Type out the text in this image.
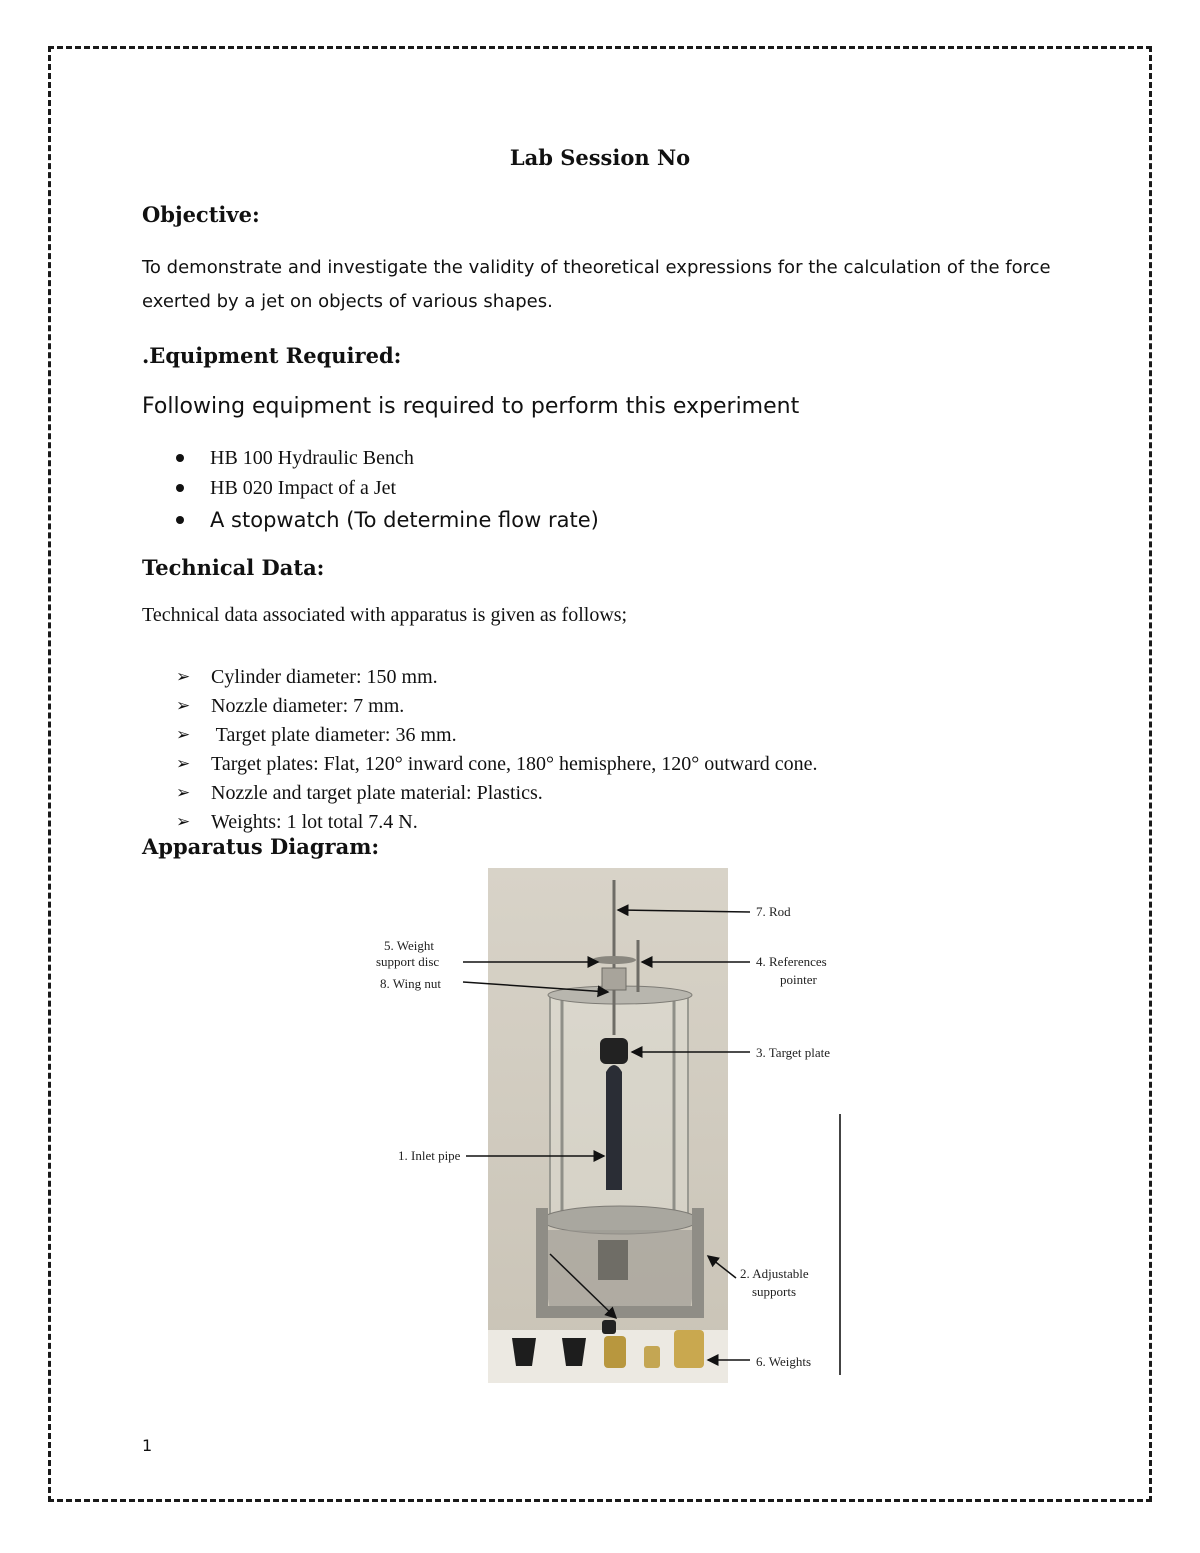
Lab Session No
Objective:
To demonstrate and investigate the validity of theoretical expressions for the calculation of the force exerted by a jet on objects of various shapes.
.Equipment Required:
Following equipment is required to perform this experiment
HB 100 Hydraulic Bench
HB 020 Impact of a Jet
A stopwatch (To determine flow rate)
Technical Data:
Technical data associated with apparatus is given as follows;
➢ Cylinder diameter: 150 mm.
➢ Nozzle diameter: 7 mm.
➢ Target plate diameter: 36 mm.
➢ Target plates: Flat, 120° inward cone, 180° hemisphere, 120° outward cone.
➢ Nozzle and target plate material: Plastics.
➢ Weights: 1 lot total 7.4 N.
Apparatus Diagram:
7. Rod
5. Weight
support disc
8. Wing nut
4. References
pointer
3. Target plate
1. Inlet pipe
2. Adjustable
supports
6. Weights
1
